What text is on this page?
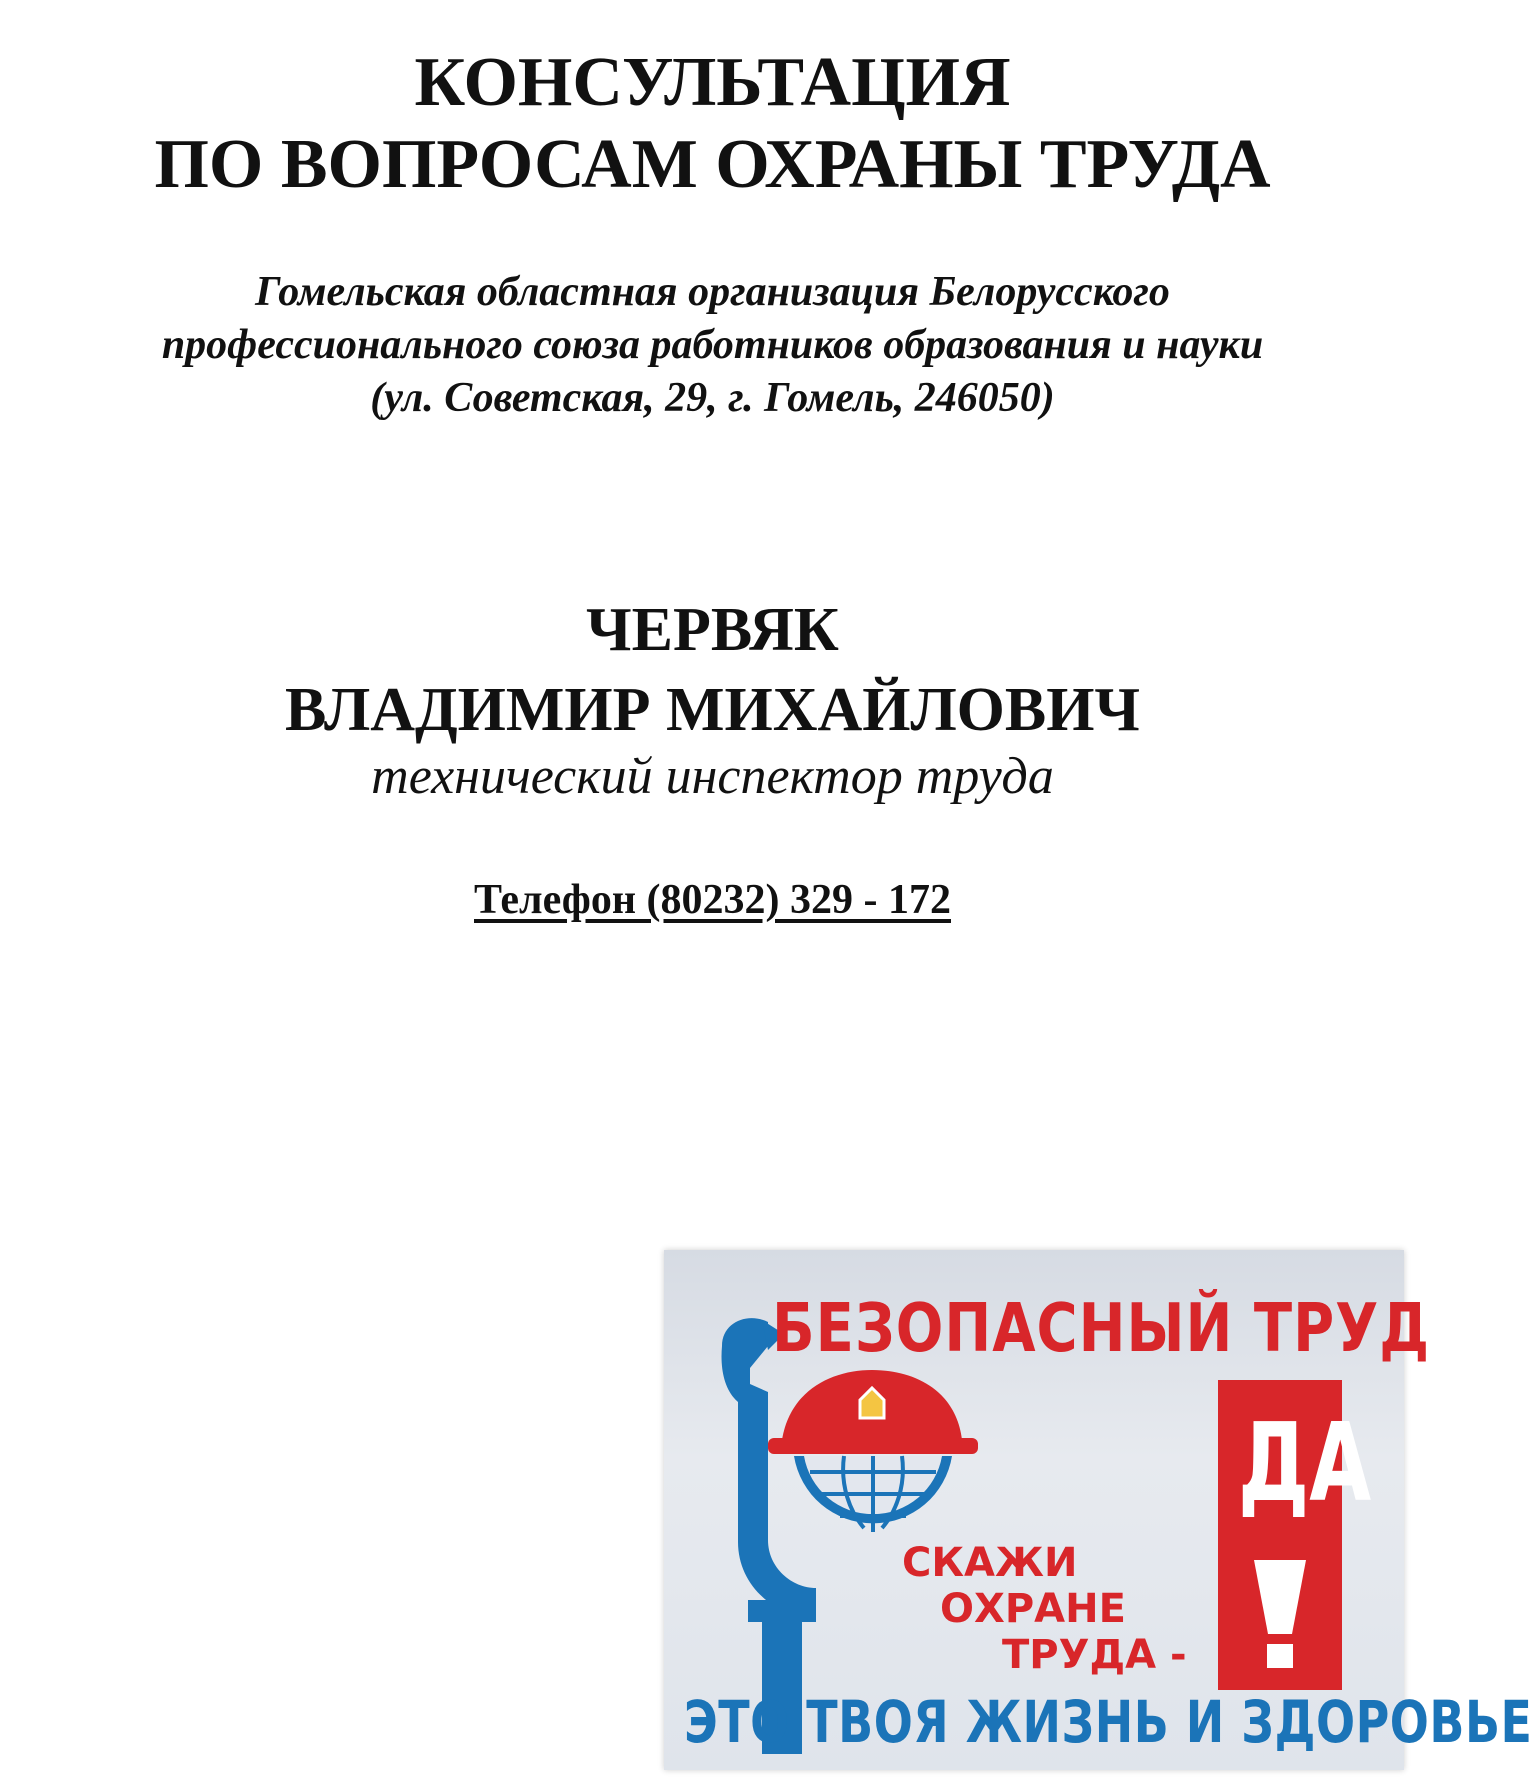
КОНСУЛЬТАЦИЯ
ПО ВОПРОСАМ ОХРАНЫ ТРУДА
Гомельская областная организация Белорусского
профессионального союза работников образования и науки
(ул. Советская, 29, г. Гомель, 246050)
ЧЕРВЯК
ВЛАДИМИР МИХАЙЛОВИЧ
технический инспектор труда
Телефон (80232) 329 - 172
БЕЗОПАСНЫЙ ТРУД
ДА
СКАЖИ
ОХРАНЕ
ТРУДА -
ЭТО ТВОЯ ЖИЗНЬ И ЗДОРОВЬЕ
